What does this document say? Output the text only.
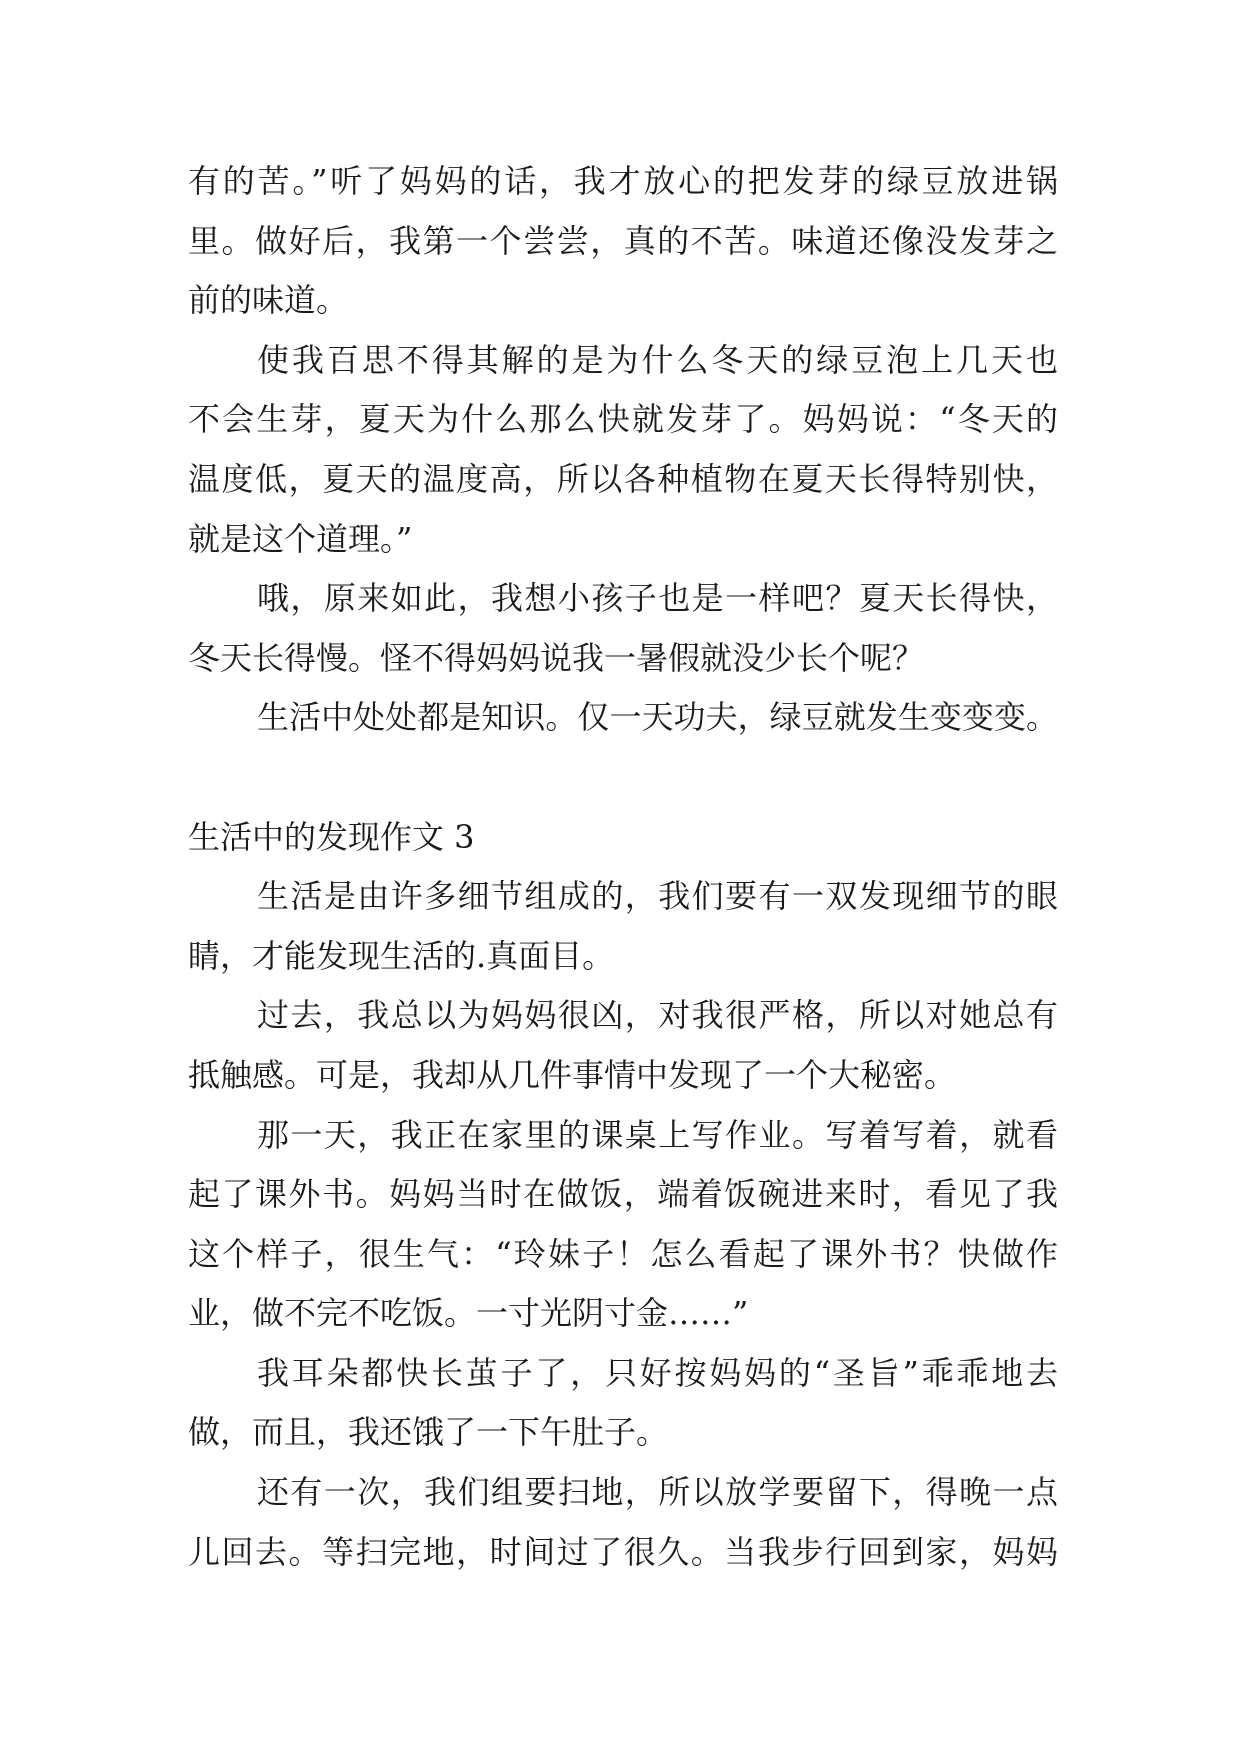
有的苦。”听了妈妈的话，我才放心的把发芽的绿豆放进锅
里。做好后，我第一个尝尝，真的不苦。味道还像没发芽之
前的味道。
使我百思不得其解的是为什么冬天的绿豆泡上几天也
不会生芽，夏天为什么那么快就发芽了。妈妈说：“冬天的
温度低，夏天的温度高，所以各种植物在夏天长得特别快，
就是这个道理。”
哦，原来如此，我想小孩子也是一样吧？夏天长得快，
冬天长得慢。怪不得妈妈说我一暑假就没少长个呢？
生活中处处都是知识。仅一天功夫，绿豆就发生变变变。
生活中的发现作文 3
生活是由许多细节组成的，我们要有一双发现细节的眼
睛，才能发现生活的.真面目。
过去，我总以为妈妈很凶，对我很严格，所以对她总有
抵触感。可是，我却从几件事情中发现了一个大秘密。
那一天，我正在家里的课桌上写作业。写着写着，就看
起了课外书。妈妈当时在做饭，端着饭碗进来时，看见了我
这个样子，很生气：“玲妹子！怎么看起了课外书？快做作
业，做不完不吃饭。一寸光阴寸金……”
我耳朵都快长茧子了，只好按妈妈的“圣旨”乖乖地去
做，而且，我还饿了一下午肚子。
还有一次，我们组要扫地，所以放学要留下，得晚一点
儿回去。等扫完地，时间过了很久。当我步行回到家，妈妈
